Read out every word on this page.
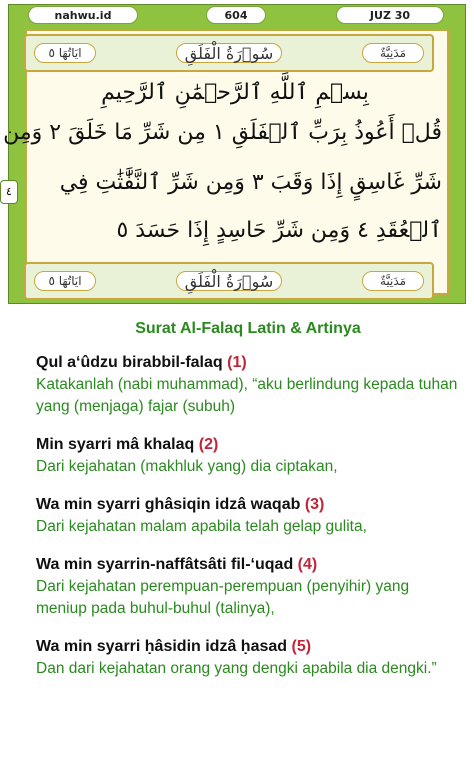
nahwu.id	604	JUZ 30
٤
ايَاتُهَا ٥	سُوۡرَةُ الْفَلَقِ	مَدَنِيَّةٌ
بِسۡمِ ٱللَّهِ ٱلرَّحۡمَٰنِ ٱلرَّحِيمِ
قُلۡ أَعُوذُ بِرَبِّ ٱلۡفَلَقِ ١ مِن شَرِّ مَا خَلَقَ ٢ وَمِن
شَرِّ غَاسِقٍ إِذَا وَقَبَ ٣ وَمِن شَرِّ ٱلنَّفَّٰثَٰتِ فِي
ٱلۡعُقَدِ ٤ وَمِن شَرِّ حَاسِدٍ إِذَا حَسَدَ ٥
ايَاتُهَا ٥	سُوۡرَةُ الْفَلَقِ	مَدَنِيَّةٌ
Surat Al-Falaq Latin & Artinya
Qul a‘ûdzu birabbil-falaq (1)
Katakanlah (nabi muhammad), “aku berlindung kepada tuhan yang (menjaga) fajar (subuh)
Min syarri mâ khalaq (2)
Dari kejahatan (makhluk yang) dia ciptakan,
Wa min syarri ghâsiqin idzâ waqab (3)
Dari kejahatan malam apabila telah gelap gulita,
Wa min syarrin-naffâtsâti fil-‘uqad (4)
Dari kejahatan perempuan-perempuan (penyihir) yang meniup pada buhul-buhul (talinya),
Wa min syarri ḥâsidin idzâ ḥasad (5)
Dan dari kejahatan orang yang dengki apabila dia dengki.”
